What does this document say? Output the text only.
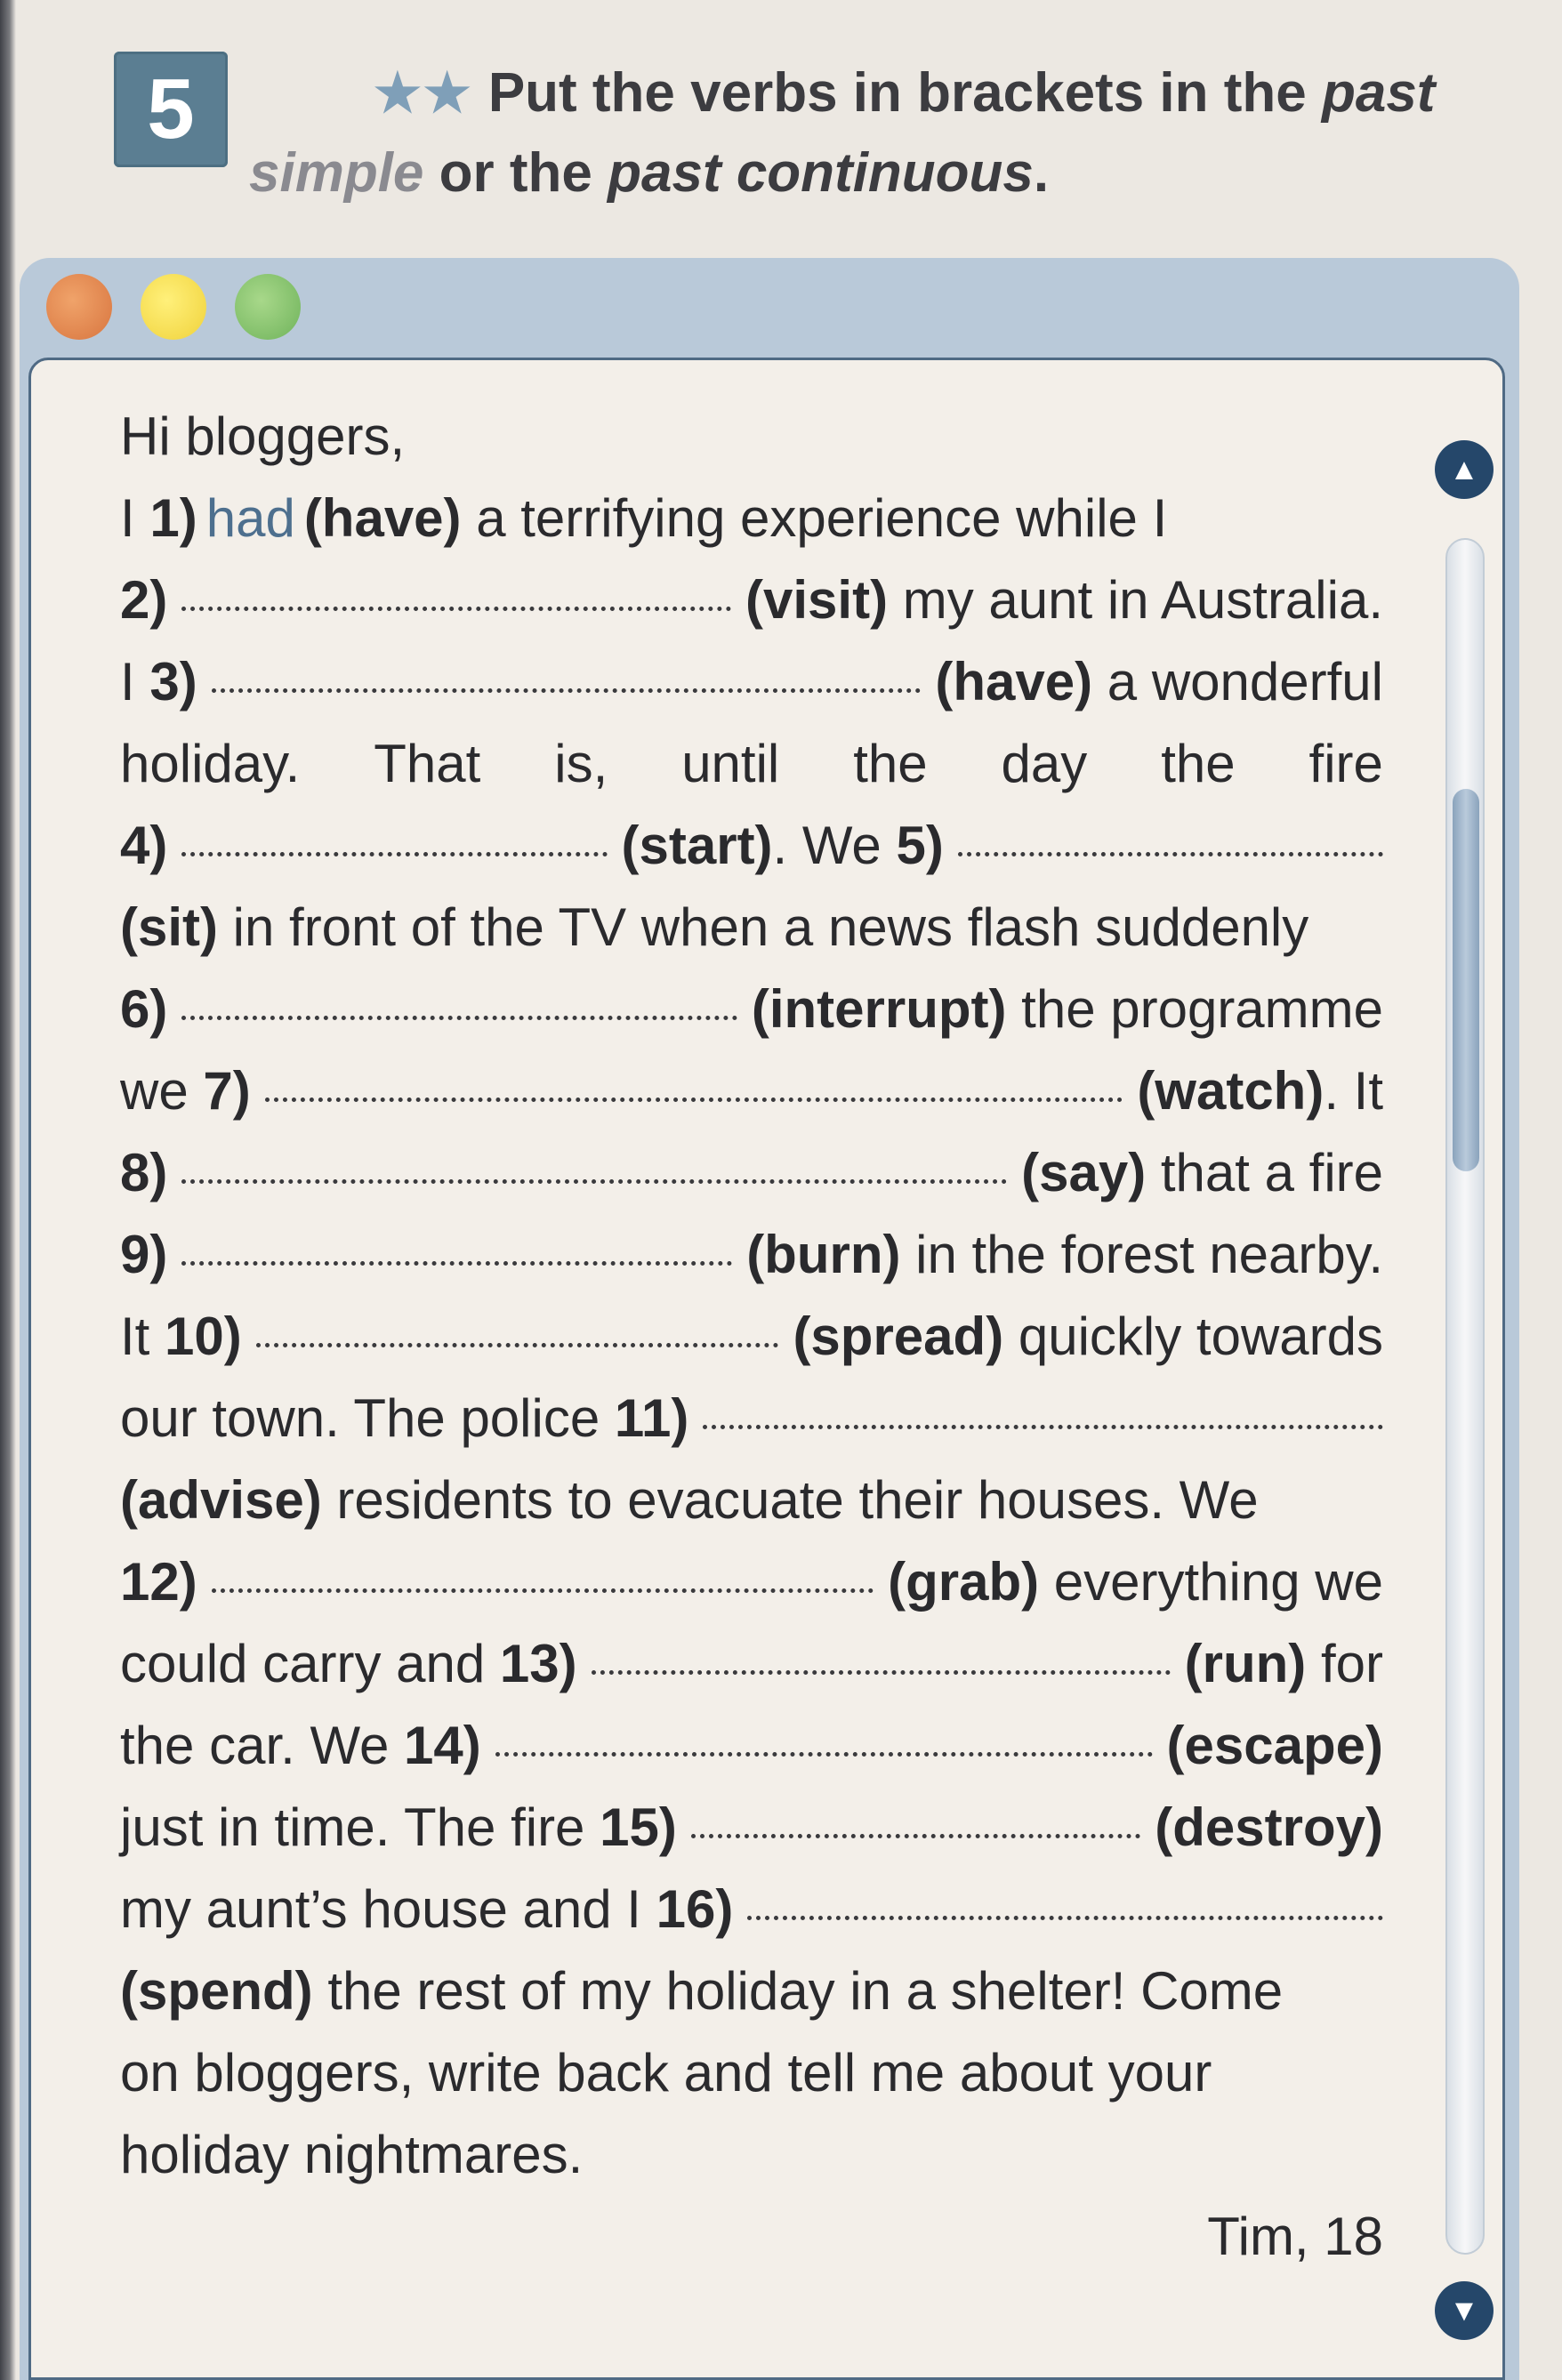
5	★★ Put the verbs in brackets in the past simple or the past continuous.
Hi bloggers,
I 1) had (have) a terrifying experience while I
2)	(visit) my aunt in Australia.
I 3)	(have) a wonderful
holiday. That is, until the day the fire
4)	(start) . We 5)
(sit) in front of the TV when a news flash suddenly
6)	(interrupt) the programme
we 7)	(watch) . It
8)	(say) that a fire
9)	(burn) in the forest nearby.
It 10)	(spread) quickly towards
our town. The police 11)
(advise) residents to evacuate their houses. We
12)	(grab) everything we
could carry and 13)	(run) for
the car. We 14)	(escape)
just in time. The fire 15)	(destroy)
my aunt’s house and I 16)
(spend) the rest of my holiday in a shelter! Come
on bloggers, write back and tell me about your
holiday nightmares.
Tim, 18
▲
▼
